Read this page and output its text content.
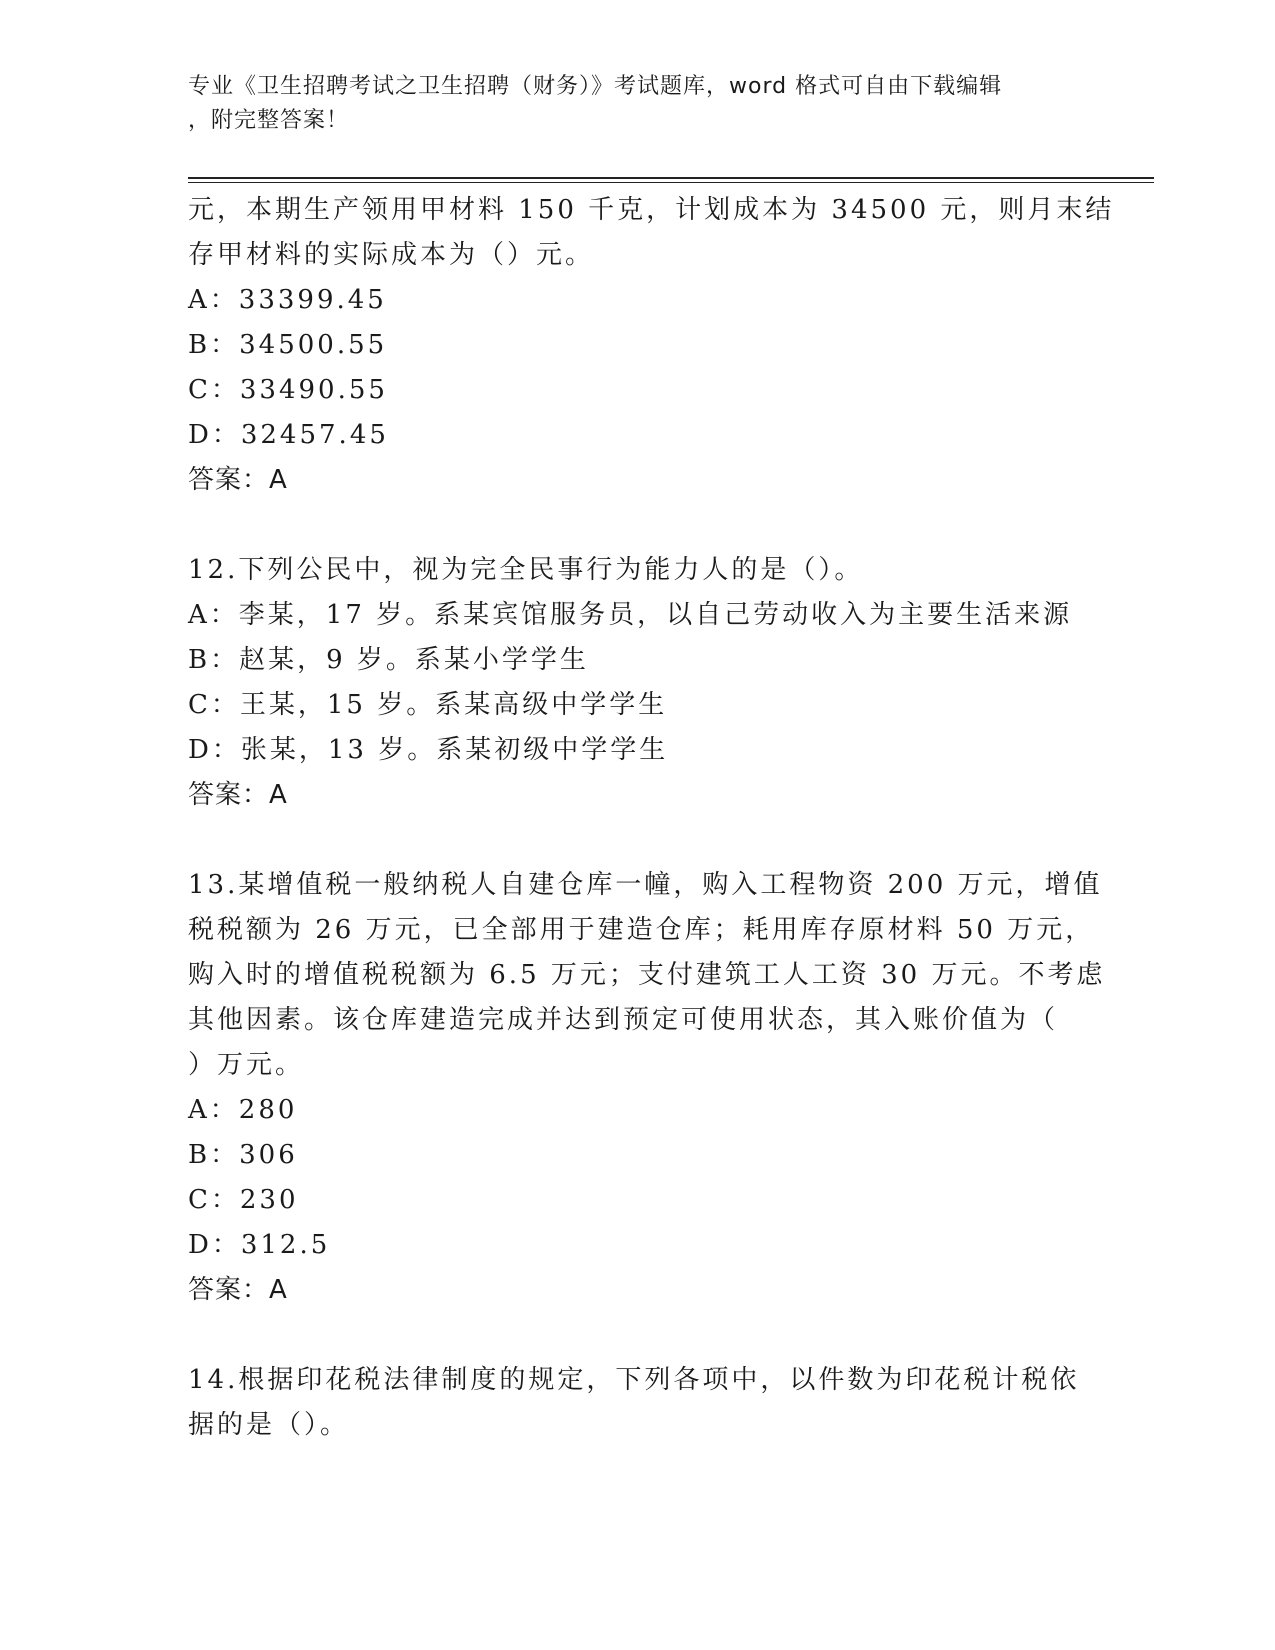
专业《卫生招聘考试之卫生招聘（财务）》考试题库，word 格式可自由下载编辑
，附完整答案！
元，本期生产领用甲材料 150 千克，计划成本为 34500 元，则月末结
存甲材料的实际成本为（）元。
A：33399.45
B：34500.55
C：33490.55
D：32457.45
答案：A
12.下列公民中，视为完全民事行为能力人的是（）。
A：李某，17 岁。系某宾馆服务员，以自己劳动收入为主要生活来源
B：赵某，9 岁。系某小学学生
C：王某，15 岁。系某高级中学学生
D：张某，13 岁。系某初级中学学生
答案：A
13.某增值税一般纳税人自建仓库一幢，购入工程物资 200 万元，增值
税税额为 26 万元，已全部用于建造仓库；耗用库存原材料 50 万元，
购入时的增值税税额为 6.5 万元；支付建筑工人工资 30 万元。不考虑
其他因素。该仓库建造完成并达到预定可使用状态，其入账价值为（
）万元。
A：280
B：306
C：230
D：312.5
答案：A
14.根据印花税法律制度的规定，下列各项中，以件数为印花税计税依
据的是（）。
